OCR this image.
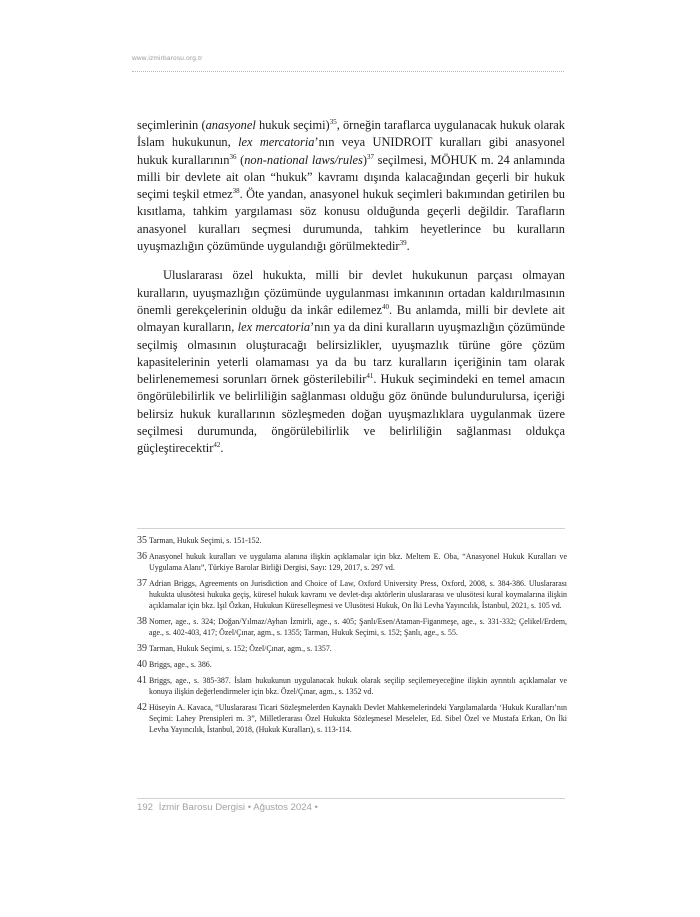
www.izmirbarosu.org.tr

seçimlerinin (anasyonel hukuk seçimi)$^{35}$, örneğin taraflarca uygulanacak hukuk olarak İslam hukukunun, lex mercatoria’nın veya UNIDROIT kuralları gibi anasyonel hukuk kurallarının$^{36}$ (non-national laws/rules)$^{37}$ seçilmesi, MÖHUK m. 24 anlamında milli bir devlete ait olan “hukuk” kavramı dışında kalacağından geçerli bir hukuk seçimi teşkil etmez$^{38}$. Öte yandan, anasyonel hukuk seçimleri bakımından getirilen bu kısıtlama, tahkim yargılaması söz konusu olduğunda geçerli değildir. Tarafların anasyonel kuralları seçmesi durumunda, tahkim heyetlerince bu kuralların uyuşmazlığın çözümünde uygulandığı görülmektedir$^{39}$.

Uluslararası özel hukukta, milli bir devlet hukukunun parçası olmayan kuralların, uyuşmazlığın çözümünde uygulanması imkanının ortadan kaldırılmasının önemli gerekçelerinin olduğu da inkâr edilemez$^{40}$. Bu anlamda, milli bir devlete ait olmayan kuralların, lex mercatoria’nın ya da dini kuralların uyuşmazlığın çözümünde seçilmiş olmasının oluşturacağı belirsizlikler, uyuşmazlık türüne göre çözüm kapasitelerinin yeterli olamaması ya da bu tarz kuralların içeriğinin tam olarak belirlenememesi sorunları örnek gösterilebilir$^{41}$. Hukuk seçimindeki en temel amacın öngörülebilirlik ve belirliliğin sağlanması olduğu göz önünde bulundurulursa, içeriği belirsiz hukuk kurallarının sözleşmeden doğan uyuşmazlıklara uygulanmak üzere seçilmesi durumunda, öngörülebilirlik ve belirliliğin sağlanması oldukça güçleştirecektir$^{42}$.

35 Tarman, Hukuk Seçimi, s. 151-152.
36 Anasyonel hukuk kuralları ve uygulama alanına ilişkin açıklamalar için bkz. Meltem E. Oba, “Anasyonel Hukuk Kuralları ve Uygulama Alanı”, Türkiye Barolar Birliği Dergisi, Sayı: 129, 2017, s. 297 vd.
37 Adrian Briggs, Agreements on Jurisdiction and Choice of Law, Oxford University Press, Oxford, 2008, s. 384-386. Uluslararası hukukta ulusötesi hukuka geçiş, küresel hukuk kavramı ve devlet-dışı aktörlerin uluslararası ve ulusötesi kural koymalarına ilişkin açıklamalar için bkz. Işıl Özkan, Hukukun Küreselleşmesi ve Ulusötesi Hukuk, On İki Levha Yayıncılık, İstanbul, 2021, s. 105 vd.
38 Nomer, age., s. 324; Doğan/Yılmaz/Ayhan İzmirli, age., s. 405; Şanlı/Esen/Ataman-Figanmeşe, age., s. 331-332; Çelikel/Erdem, age., s. 402-403, 417; Özel/Çınar, agm., s. 1355; Tarman, Hukuk Seçimi, s. 152; Şanlı, age., s. 55.
39 Tarman, Hukuk Seçimi, s. 152; Özel/Çınar, agm., s. 1357.
40 Briggs, age., s. 386.
41 Briggs, age., s. 385-387. İslam hukukunun uygulanacak hukuk olarak seçilip seçilemeyeceğine ilişkin ayrıntılı açıklamalar ve konuya ilişkin değerlendirmeler için bkz. Özel/Çınar, agm., s. 1352 vd.
42 Hüseyin A. Kavaca, “Uluslararası Ticari Sözleşmelerden Kaynaklı Devlet Mahkemelerindeki Yargılamalarda ‘Hukuk Kuralları’nın Seçimi: Lahey Prensipleri m. 3”, Milletlerarası Özel Hukukta Sözleşmesel Meseleler, Ed. Sibel Özel ve Mustafa Erkan, On İki Levha Yayıncılık, İstanbul, 2018, (Hukuk Kuralları), s. 113-114.
192 İzmir Barosu Dergisi • Ağustos 2024 •
